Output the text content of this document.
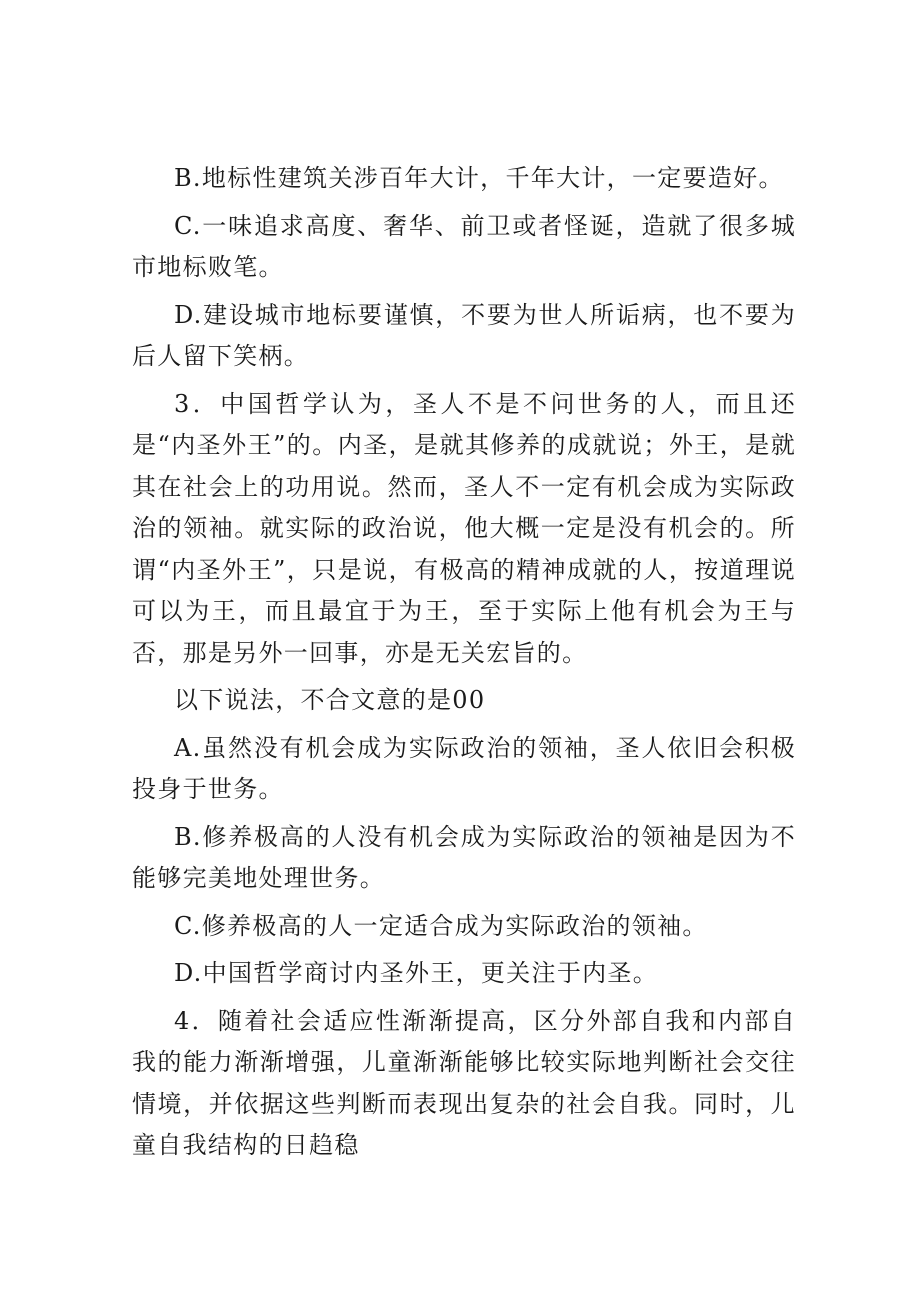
B.地标性建筑关涉百年大计，千年大计，一定要造好。

C.一味追求高度、奢华、前卫或者怪诞，造就了很多城市地标败笔。

D.建设城市地标要谨慎，不要为世人所诟病，也不要为后人留下笑柄。

3．中国哲学认为，圣人不是不问世务的人，而且还是“内圣外王”的。内圣，是就其修养的成就说；外王，是就其在社会上的功用说。然而，圣人不一定有机会成为实际政治的领袖。就实际的政治说，他大概一定是没有机会的。所谓“内圣外王”，只是说，有极高的精神成就的人，按道理说可以为王，而且最宜于为王，至于实际上他有机会为王与否，那是另外一回事，亦是无关宏旨的。

以下说法，不合文意的是00

A.虽然没有机会成为实际政治的领袖，圣人依旧会积极投身于世务。

B.修养极高的人没有机会成为实际政治的领袖是因为不能够完美地处理世务。

C.修养极高的人一定适合成为实际政治的领袖。

D.中国哲学商讨内圣外王，更关注于内圣。

4．随着社会适应性渐渐提高，区分外部自我和内部自我的能力渐渐增强，儿童渐渐能够比较实际地判断社会交往情境，并依据这些判断而表现出复杂的社会自我。同时，儿童自我结构的日趋稳
